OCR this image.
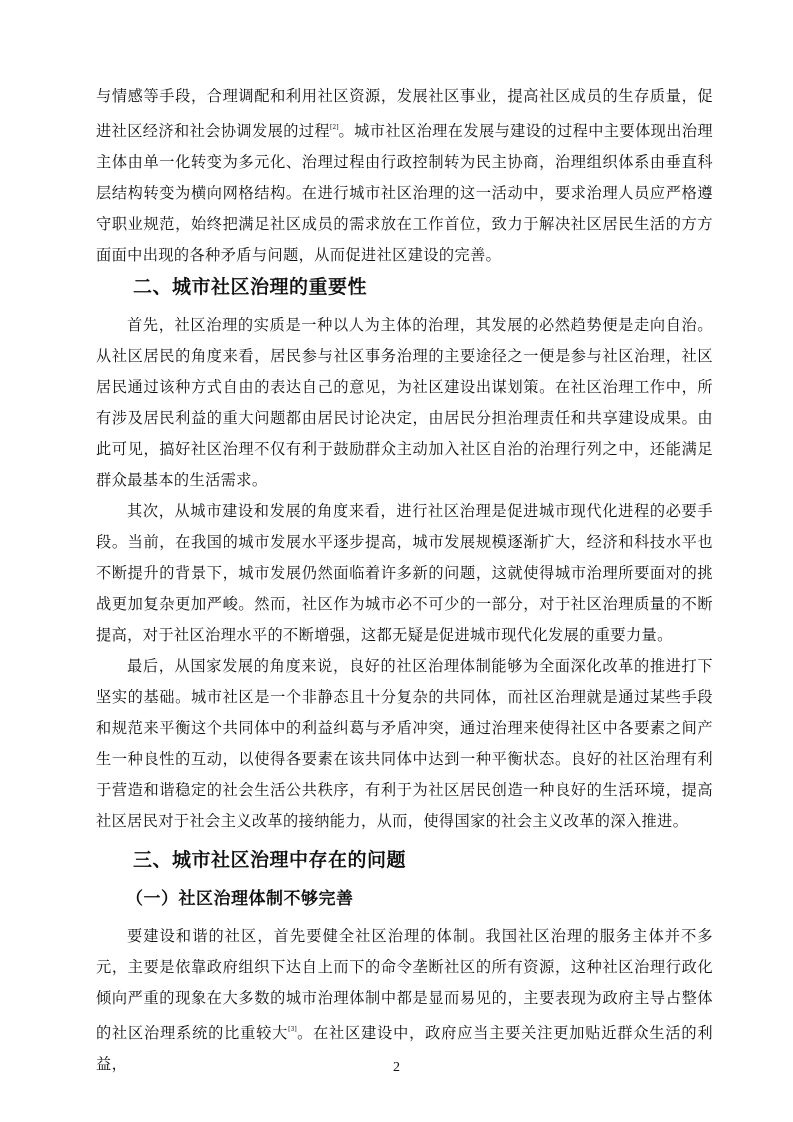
与情感等手段，合理调配和利用社区资源，发展社区事业，提高社区成员的生存质量，促进社区经济和社会协调发展的过程[2]。城市社区治理在发展与建设的过程中主要体现出治理主体由单一化转变为多元化、治理过程由行政控制转为民主协商，治理组织体系由垂直科层结构转变为横向网格结构。在进行城市社区治理的这一活动中，要求治理人员应严格遵守职业规范，始终把满足社区成员的需求放在工作首位，致力于解决社区居民生活的方方面面中出现的各种矛盾与问题，从而促进社区建设的完善。

二、城市社区治理的重要性

首先，社区治理的实质是一种以人为主体的治理，其发展的必然趋势便是走向自治。从社区居民的角度来看，居民参与社区事务治理的主要途径之一便是参与社区治理，社区居民通过该种方式自由的表达自己的意见，为社区建设出谋划策。在社区治理工作中，所有涉及居民利益的重大问题都由居民讨论决定，由居民分担治理责任和共享建设成果。由此可见，搞好社区治理不仅有利于鼓励群众主动加入社区自治的治理行列之中，还能满足群众最基本的生活需求。

其次，从城市建设和发展的角度来看，进行社区治理是促进城市现代化进程的必要手段。当前，在我国的城市发展水平逐步提高，城市发展规模逐渐扩大，经济和科技水平也不断提升的背景下，城市发展仍然面临着许多新的问题，这就使得城市治理所要面对的挑战更加复杂更加严峻。然而，社区作为城市必不可少的一部分，对于社区治理质量的不断提高，对于社区治理水平的不断增强，这都无疑是促进城市现代化发展的重要力量。

最后，从国家发展的角度来说，良好的社区治理体制能够为全面深化改革的推进打下坚实的基础。城市社区是一个非静态且十分复杂的共同体，而社区治理就是通过某些手段和规范来平衡这个共同体中的利益纠葛与矛盾冲突，通过治理来使得社区中各要素之间产生一种良性的互动，以使得各要素在该共同体中达到一种平衡状态。良好的社区治理有利于营造和谐稳定的社会生活公共秩序，有利于为社区居民创造一种良好的生活环境，提高社区居民对于社会主义改革的接纳能力，从而，使得国家的社会主义改革的深入推进。

三、城市社区治理中存在的问题
（一）社区治理体制不够完善

要建设和谐的社区，首先要健全社区治理的体制。我国社区治理的服务主体并不多元，主要是依靠政府组织下达自上而下的命令垄断社区的所有资源，这种社区治理行政化倾向严重的现象在大多数的城市治理体制中都是显而易见的，主要表现为政府主导占整体的社区治理系统的比重较大[3]。在社区建设中，政府应当主要关注更加贴近群众生活的利益，	2
